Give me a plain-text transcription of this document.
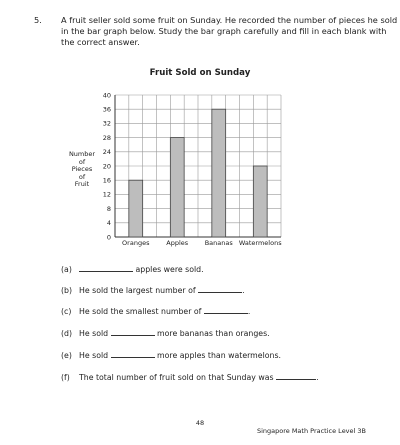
5. A fruit seller sold some fruit on Sunday. He recorded the number of pieces he sold
in the bar graph below. Study the bar graph carefully and fill in each blank with
the correct answer.
Fruit Sold on Sunday
Number
of
Pieces
of
Fruit
0
4
8
12
16
20
24
28
32
36
40
Oranges	Apples	Bananas Watermelons
(a)	apples were sold.
(b) He sold the largest number of	.
(c) He sold the smallest number of	.
(d) He sold	more bananas than oranges.
(e) He sold	more apples than watermelons.
(f) The total number of fruit sold on that Sunday was	.
48
Singapore Math Practice Level 3B
